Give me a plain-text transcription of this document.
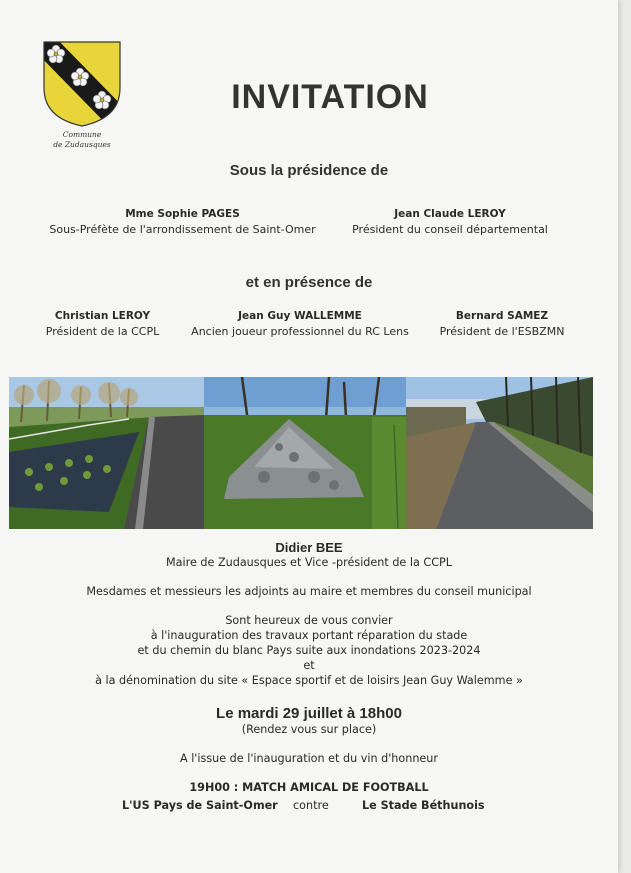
Commune
de Zudausques
INVITATION
Sous la présidence de
Mme Sophie PAGES
Sous-Préfète de l'arrondissement de Saint-Omer
Jean Claude LEROY
Président du conseil départemental
et en présence de
Christian LEROY
Président de la CCPL
Jean Guy WALLEMME
Ancien joueur professionnel du RC Lens
Bernard SAMEZ
Président de l'ESBZMN
Didier BEE
Maire de Zudausques et Vice -président de la CCPL
Mesdames et messieurs les adjoints au maire et membres du conseil municipal
Sont heureux de vous convier
à l'inauguration des travaux portant réparation du stade
et du chemin du blanc Pays suite aux inondations 2023-2024
et
à la dénomination du site « Espace sportif et de loisirs Jean Guy Walemme »
Le mardi 29 juillet à 18h00
(Rendez vous sur place)
A l'issue de l'inauguration et du vin d'honneur
19H00 : MATCH AMICAL DE FOOTBALL
L'US Pays de Saint-Omer contre	Le Stade Béthunois
